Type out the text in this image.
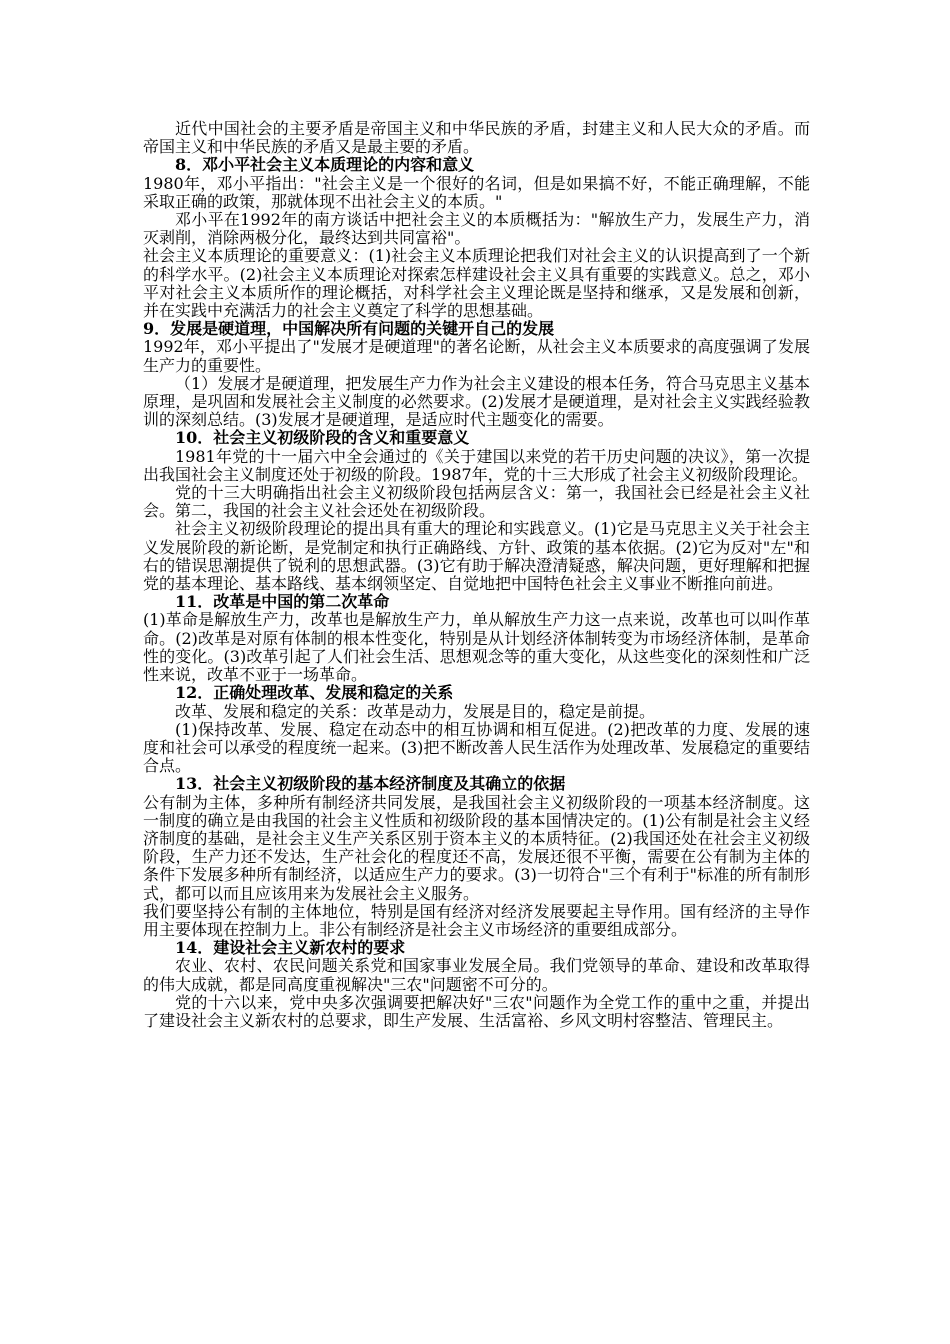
近代中国社会的主要矛盾是帝国主义和中华民族的矛盾，封建主义和人民大众的矛盾。而帝国主义和中华民族的矛盾又是最主要的矛盾。

8．邓小平社会主义本质理论的内容和意义

1980年，邓小平指出："社会主义是一个很好的名词，但是如果搞不好，不能正确理解，不能采取正确的政策，那就体现不出社会主义的本质。"

邓小平在1992年的南方谈话中把社会主义的本质概括为："解放生产力，发展生产力，消灭剥削，消除两极分化，最终达到共同富裕"。

社会主义本质理论的重要意义：(1)社会主义本质理论把我们对社会主义的认识提高到了一个新的科学水平。(2)社会主义本质理论对探索怎样建设社会主义具有重要的实践意义。总之，邓小平对社会主义本质所作的理论概括，对科学社会主义理论既是坚持和继承，又是发展和创新，并在实践中充满活力的社会主义奠定了科学的思想基础。

9．发展是硬道理，中国解决所有问题的关键开自己的发展

1992年，邓小平提出了"发展才是硬道理"的著名论断，从社会主义本质要求的高度强调了发展生产力的重要性。

（1）发展才是硬道理，把发展生产力作为社会主义建设的根本任务，符合马克思主义基本原理，是巩固和发展社会主义制度的必然要求。(2)发展才是硬道理，是对社会主义实践经验教训的深刻总结。(3)发展才是硬道理，是适应时代主题变化的需要。

10．社会主义初级阶段的含义和重要意义

1981年党的十一届六中全会通过的《关于建国以来党的若干历史问题的决议》，第一次提出我国社会主义制度还处于初级的阶段。1987年，党的十三大形成了社会主义初级阶段理论。

党的十三大明确指出社会主义初级阶段包括两层含义：第一，我国社会已经是社会主义社会。第二，我国的社会主义社会还处在初级阶段。

社会主义初级阶段理论的提出具有重大的理论和实践意义。(1)它是马克思主义关于社会主义发展阶段的新论断，是党制定和执行正确路线、方针、政策的基本依据。(2)它为反对"左"和右的错误思潮提供了锐利的思想武器。(3)它有助于解决澄清疑惑，解决问题，更好理解和把握党的基本理论、基本路线、基本纲领坚定、自觉地把中国特色社会主义事业不断推向前进。

11．改革是中国的第二次革命

(1)革命是解放生产力，改革也是解放生产力，单从解放生产力这一点来说，改革也可以叫作革命。(2)改革是对原有体制的根本性变化，特别是从计划经济体制转变为市场经济体制，是革命性的变化。(3)改革引起了人们社会生活、思想观念等的重大变化，从这些变化的深刻性和广泛性来说，改革不亚于一场革命。

12．正确处理改革、发展和稳定的关系

改革、发展和稳定的关系：改革是动力，发展是目的，稳定是前提。

(1)保持改革、发展、稳定在动态中的相互协调和相互促进。(2)把改革的力度、发展的速度和社会可以承受的程度统一起来。(3)把不断改善人民生活作为处理改革、发展稳定的重要结合点。

13．社会主义初级阶段的基本经济制度及其确立的依据

公有制为主体，多种所有制经济共同发展，是我国社会主义初级阶段的一项基本经济制度。这一制度的确立是由我国的社会主义性质和初级阶段的基本国情决定的。(1)公有制是社会主义经济制度的基础，是社会主义生产关系区别于资本主义的本质特征。(2)我国还处在社会主义初级阶段，生产力还不发达，生产社会化的程度还不高，发展还很不平衡，需要在公有制为主体的条件下发展多种所有制经济，以适应生产力的要求。(3)一切符合"三个有利于"标准的所有制形式，都可以而且应该用来为发展社会主义服务。

我们要坚持公有制的主体地位，特别是国有经济对经济发展要起主导作用。国有经济的主导作用主要体现在控制力上。非公有制经济是社会主义市场经济的重要组成部分。

14．建设社会主义新农村的要求

农业、农村、农民问题关系党和国家事业发展全局。我们党领导的革命、建设和改革取得的伟大成就，都是同高度重视解决"三农"问题密不可分的。

党的十六以来，党中央多次强调要把解决好"三农"问题作为全党工作的重中之重，并提出了建设社会主义新农村的总要求，即生产发展、生活富裕、乡风文明村容整洁、管理民主。
